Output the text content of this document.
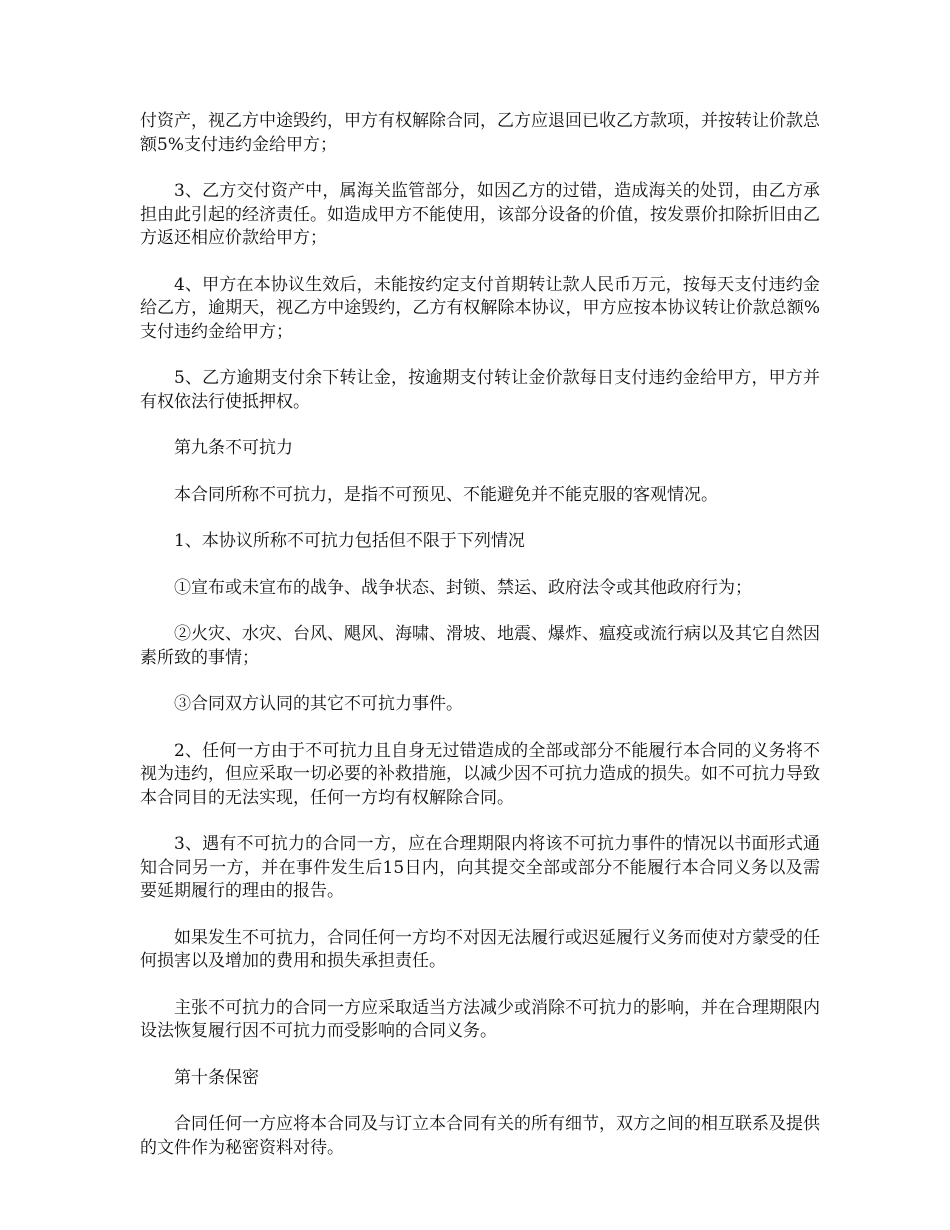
付资产，视乙方中途毁约，甲方有权解除合同，乙方应退回已收乙方款项，并按转让价款总额5%支付违约金给甲方；

3、乙方交付资产中，属海关监管部分，如因乙方的过错，造成海关的处罚，由乙方承担由此引起的经济责任。如造成甲方不能使用，该部分设备的价值，按发票价扣除折旧由乙方返还相应价款给甲方；

4、甲方在本协议生效后，未能按约定支付首期转让款人民币万元，按每天支付违约金给乙方，逾期天，视乙方中途毁约，乙方有权解除本协议，甲方应按本协议转让价款总额%支付违约金给甲方；

5、乙方逾期支付余下转让金，按逾期支付转让金价款每日支付违约金给甲方，甲方并有权依法行使抵押权。

第九条不可抗力

本合同所称不可抗力，是指不可预见、不能避免并不能克服的客观情况。

1、本协议所称不可抗力包括但不限于下列情况

①宣布或未宣布的战争、战争状态、封锁、禁运、政府法令或其他政府行为；

②火灾、水灾、台风、飓风、海啸、滑坡、地震、爆炸、瘟疫或流行病以及其它自然因素所致的事情；

③合同双方认同的其它不可抗力事件。

2、任何一方由于不可抗力且自身无过错造成的全部或部分不能履行本合同的义务将不视为违约，但应采取一切必要的补救措施，以减少因不可抗力造成的损失。如不可抗力导致本合同目的无法实现，任何一方均有权解除合同。

3、遇有不可抗力的合同一方，应在合理期限内将该不可抗力事件的情况以书面形式通知合同另一方，并在事件发生后15日内，向其提交全部或部分不能履行本合同义务以及需要延期履行的理由的报告。

如果发生不可抗力，合同任何一方均不对因无法履行或迟延履行义务而使对方蒙受的任何损害以及增加的费用和损失承担责任。

主张不可抗力的合同一方应采取适当方法减少或消除不可抗力的影响，并在合理期限内设法恢复履行因不可抗力而受影响的合同义务。

第十条保密

合同任何一方应将本合同及与订立本合同有关的所有细节，双方之间的相互联系及提供的文件作为秘密资料对待。
